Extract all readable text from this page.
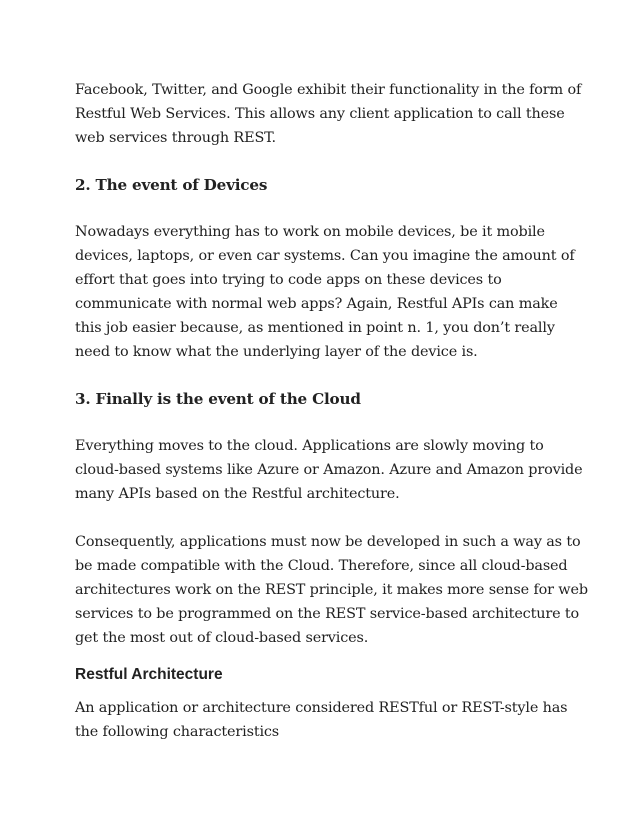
Facebook, Twitter, and Google exhibit their functionality in the form of
Restful Web Services. This allows any client application to call these
web services through REST.

2. The event of Devices

Nowadays everything has to work on mobile devices, be it mobile
devices, laptops, or even car systems. Can you imagine the amount of
effort that goes into trying to code apps on these devices to
communicate with normal web apps? Again, Restful APIs can make
this job easier because, as mentioned in point n. 1, you don’t really
need to know what the underlying layer of the device is.

3. Finally is the event of the Cloud

Everything moves to the cloud. Applications are slowly moving to
cloud-based systems like Azure or Amazon. Azure and Amazon provide
many APIs based on the Restful architecture.

Consequently, applications must now be developed in such a way as to
be made compatible with the Cloud. Therefore, since all cloud-based
architectures work on the REST principle, it makes more sense for web
services to be programmed on the REST service-based architecture to
get the most out of cloud-based services.

Restful Architecture

An application or architecture considered RESTful or REST-style has
the following characteristics
